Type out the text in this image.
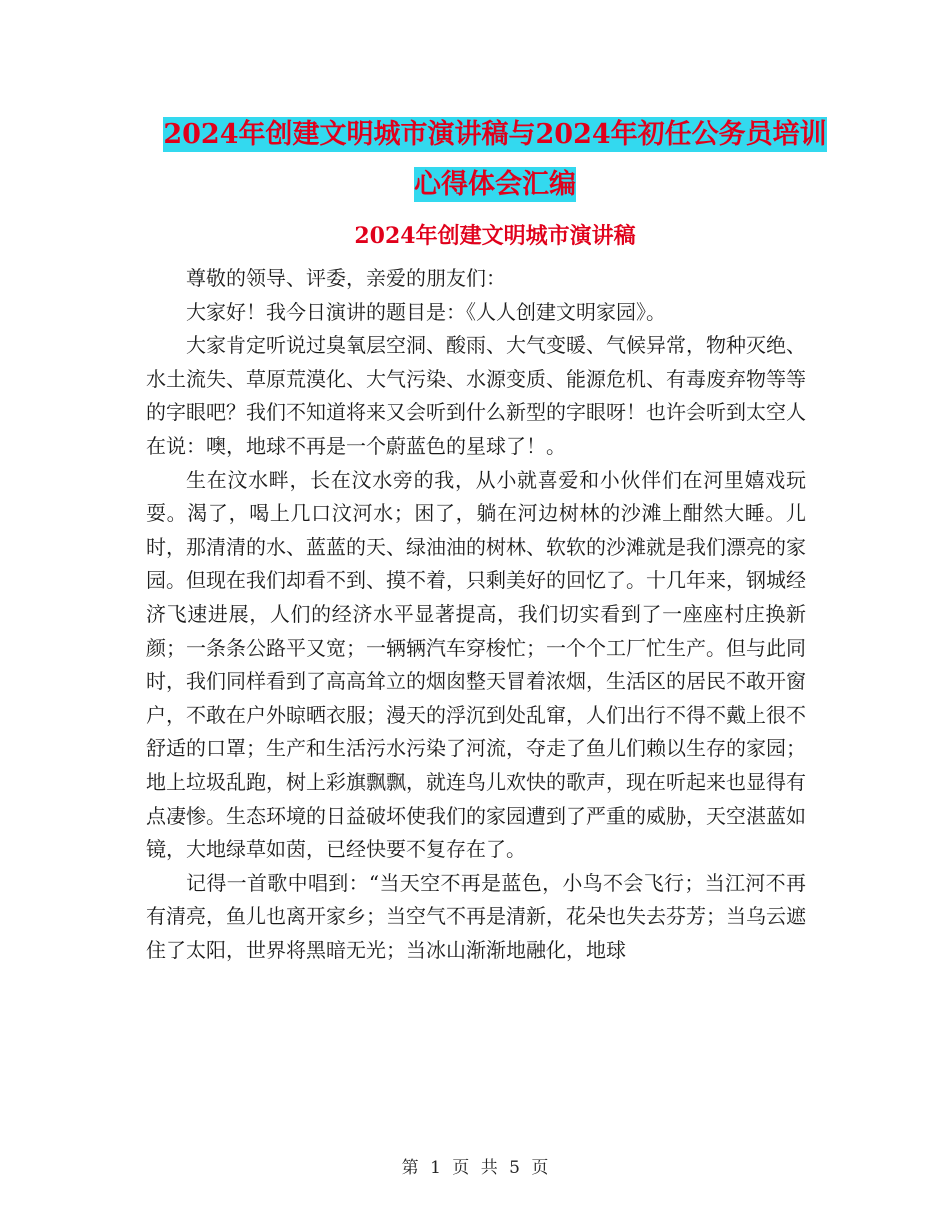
2024年创建文明城市演讲稿与2024年初任公务员培训
心得体会汇编
2024年创建文明城市演讲稿

尊敬的领导、评委，亲爱的朋友们：

大家好！我今日演讲的题目是：《人人创建文明家园》。

大家肯定听说过臭氧层空洞、酸雨、大气变暖、气候异常，物种灭绝、水土流失、草原荒漠化、大气污染、水源变质、能源危机、有毒废弃物等等的字眼吧？我们不知道将来又会听到什么新型的字眼呀！也许会听到太空人在说：噢，地球不再是一个蔚蓝色的星球了！。

生在汶水畔，长在汶水旁的我，从小就喜爱和小伙伴们在河里嬉戏玩耍。渴了，喝上几口汶河水；困了，躺在河边树林的沙滩上酣然大睡。儿时，那清清的水、蓝蓝的天、绿油油的树林、软软的沙滩就是我们漂亮的家园。但现在我们却看不到、摸不着，只剩美好的回忆了。十几年来，钢城经济飞速进展，人们的经济水平显著提高，我们切实看到了一座座村庄换新颜；一条条公路平又宽；一辆辆汽车穿梭忙；一个个工厂忙生产。但与此同时，我们同样看到了高高耸立的烟囱整天冒着浓烟，生活区的居民不敢开窗户，不敢在户外晾晒衣服；漫天的浮沉到处乱窜，人们出行不得不戴上很不舒适的口罩；生产和生活污水污染了河流，夺走了鱼儿们赖以生存的家园；地上垃圾乱跑，树上彩旗飘飘，就连鸟儿欢快的歌声，现在听起来也显得有点凄惨。生态环境的日益破坏使我们的家园遭到了严重的威胁，天空湛蓝如镜，大地绿草如茵，已经快要不复存在了。

记得一首歌中唱到：“当天空不再是蓝色，小鸟不会飞行；当江河不再有清亮，鱼儿也离开家乡；当空气不再是清新，花朵也失去芬芳；当乌云遮住了太阳，世界将黑暗无光；当冰山渐渐地融化，地球

第 1 页 共 5 页
